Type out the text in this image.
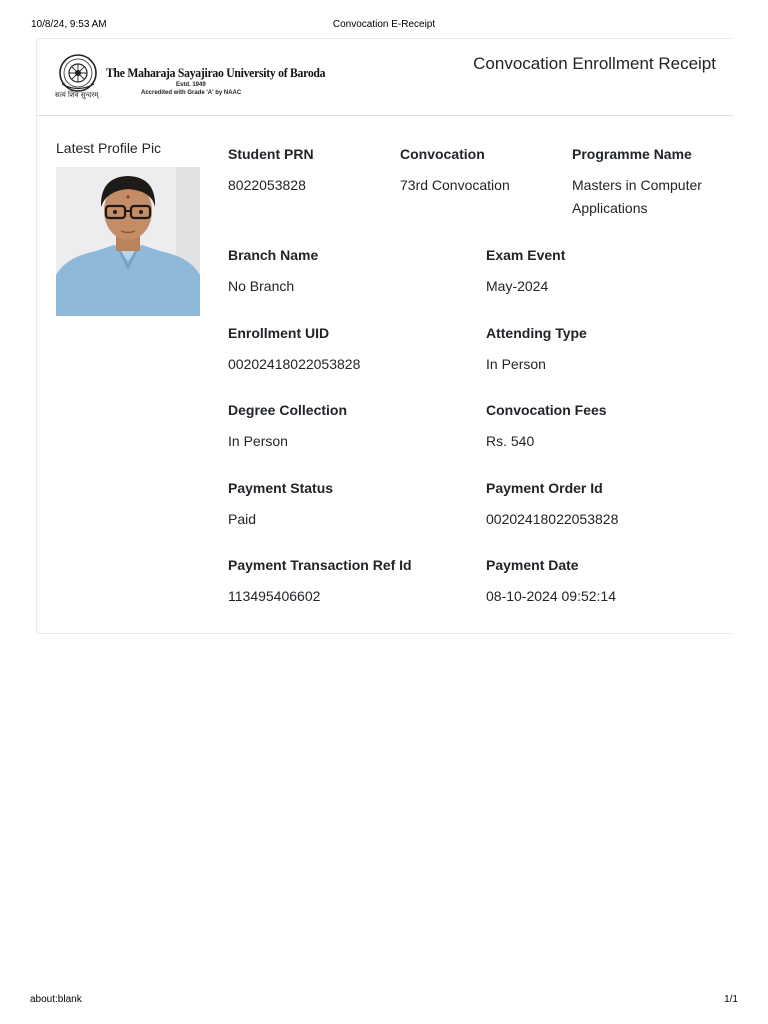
10/8/24, 9:53 AM	Convocation E-Receipt
सत्यं शिवं सुन्दरम्
The Maharaja Sayajirao University of Baroda
Estd. 1949
Accredited with Grade 'A' by NAAC
Convocation Enrollment Receipt
Latest Profile Pic	Student PRN
8022053828
Convocation
73rd Convocation
Programme Name
Masters in Computer Applications
Branch Name
No Branch
Exam Event
May-2024
Enrollment UID
00202418022053828
Attending Type
In Person
Degree Collection
In Person
Convocation Fees
Rs. 540
Payment Status
Paid
Payment Order Id
00202418022053828
Payment Transaction Ref Id
113495406602
Payment Date
08-10-2024 09:52:14
about:blank	1/1
